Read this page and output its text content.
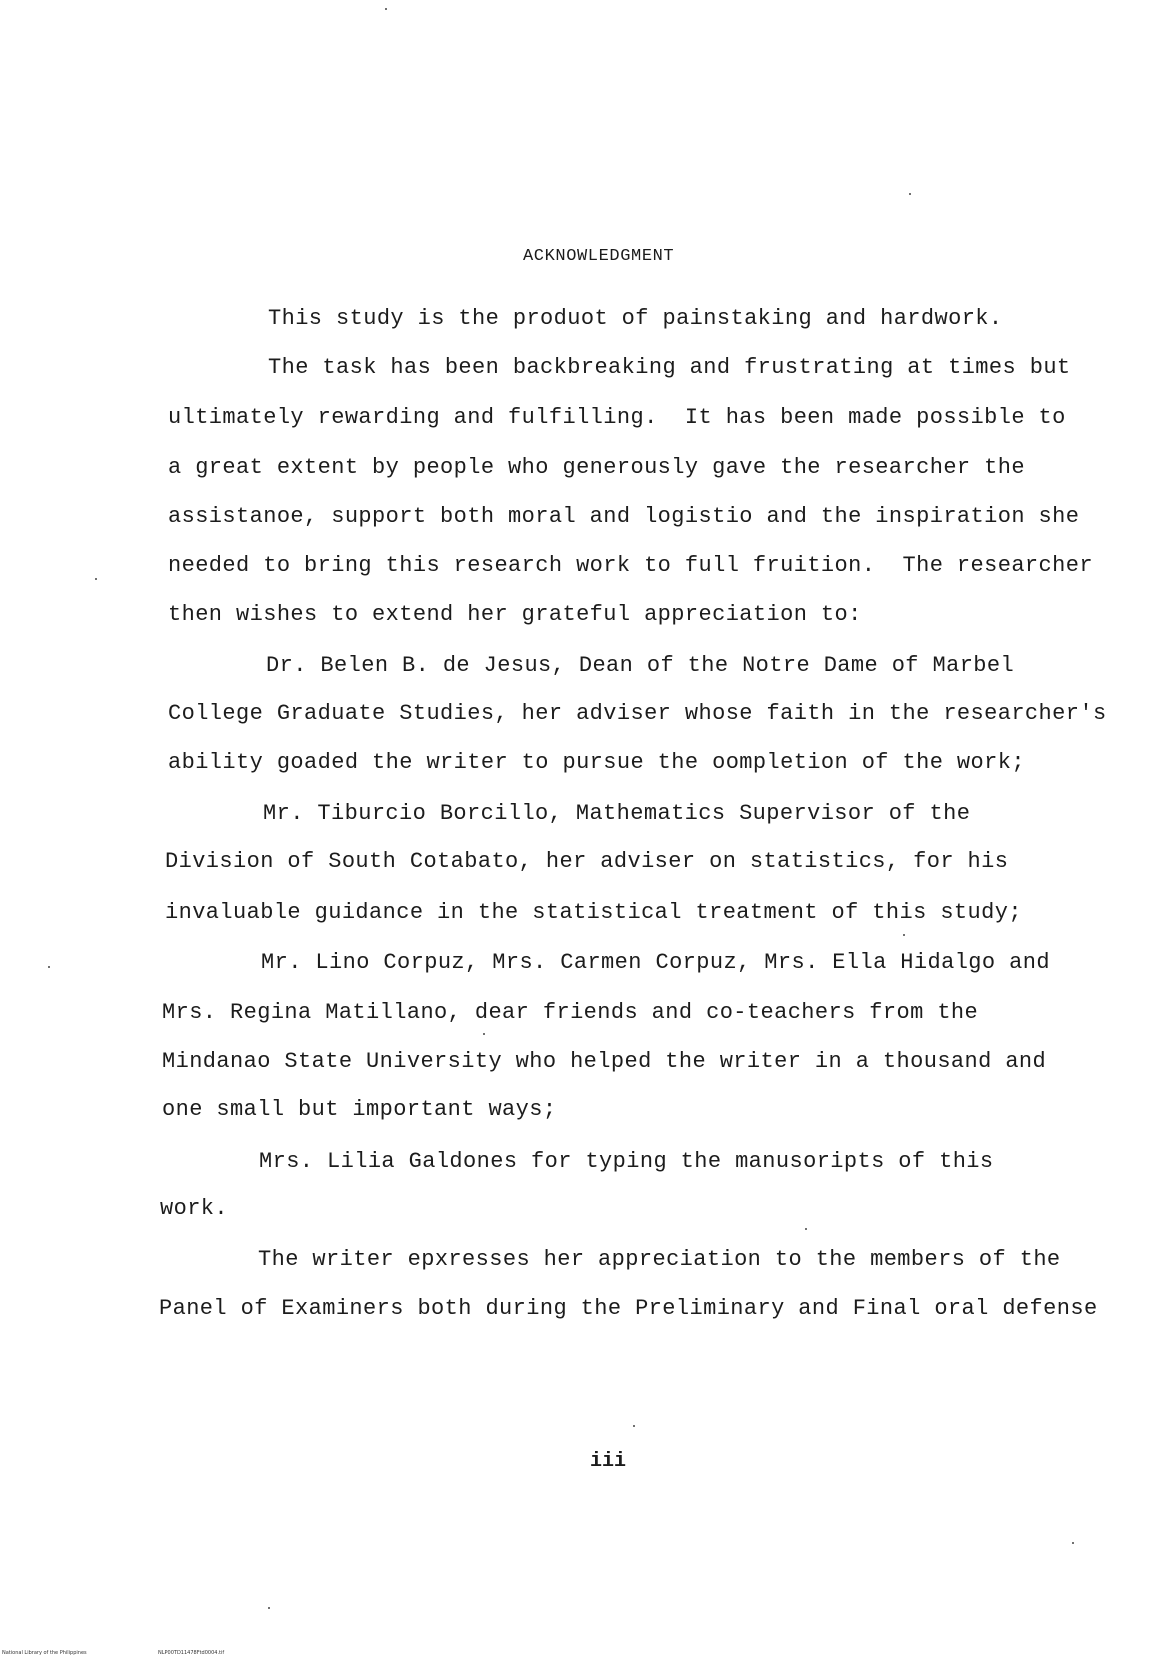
ACKNOWLEDGMENT
This study is the produot of painstaking and hardwork.
The task has been backbreaking and frustrating at times but
ultimately rewarding and fulfilling.  It has been made possible to
a great extent by people who generously gave the researcher the
assistanoe, support both moral and logistio and the inspiration she
needed to bring this research work to full fruition.  The researcher
then wishes to extend her grateful appreciation to:
Dr. Belen B. de Jesus, Dean of the Notre Dame of Marbel
College Graduate Studies, her adviser whose faith in the researcher's
ability goaded the writer to pursue the oompletion of the work;
Mr. Tiburcio Borcillo, Mathematics Supervisor of the
Division of South Cotabato, her adviser on statistics, for his
invaluable guidance in the statistical treatment of this study;
Mr. Lino Corpuz, Mrs. Carmen Corpuz, Mrs. Ella Hidalgo and
Mrs. Regina Matillano, dear friends and co-teachers from the
Mindanao State University who helped the writer in a thousand and
one small but important ways;
Mrs. Lilia Galdones for typing the manusoripts of this
work.
The writer epxresses her appreciation to the members of the
Panel of Examiners both during the Preliminary and Final oral defense
iii
National Library of the Philippines	NLP00TD11478Ftd0004.tif
